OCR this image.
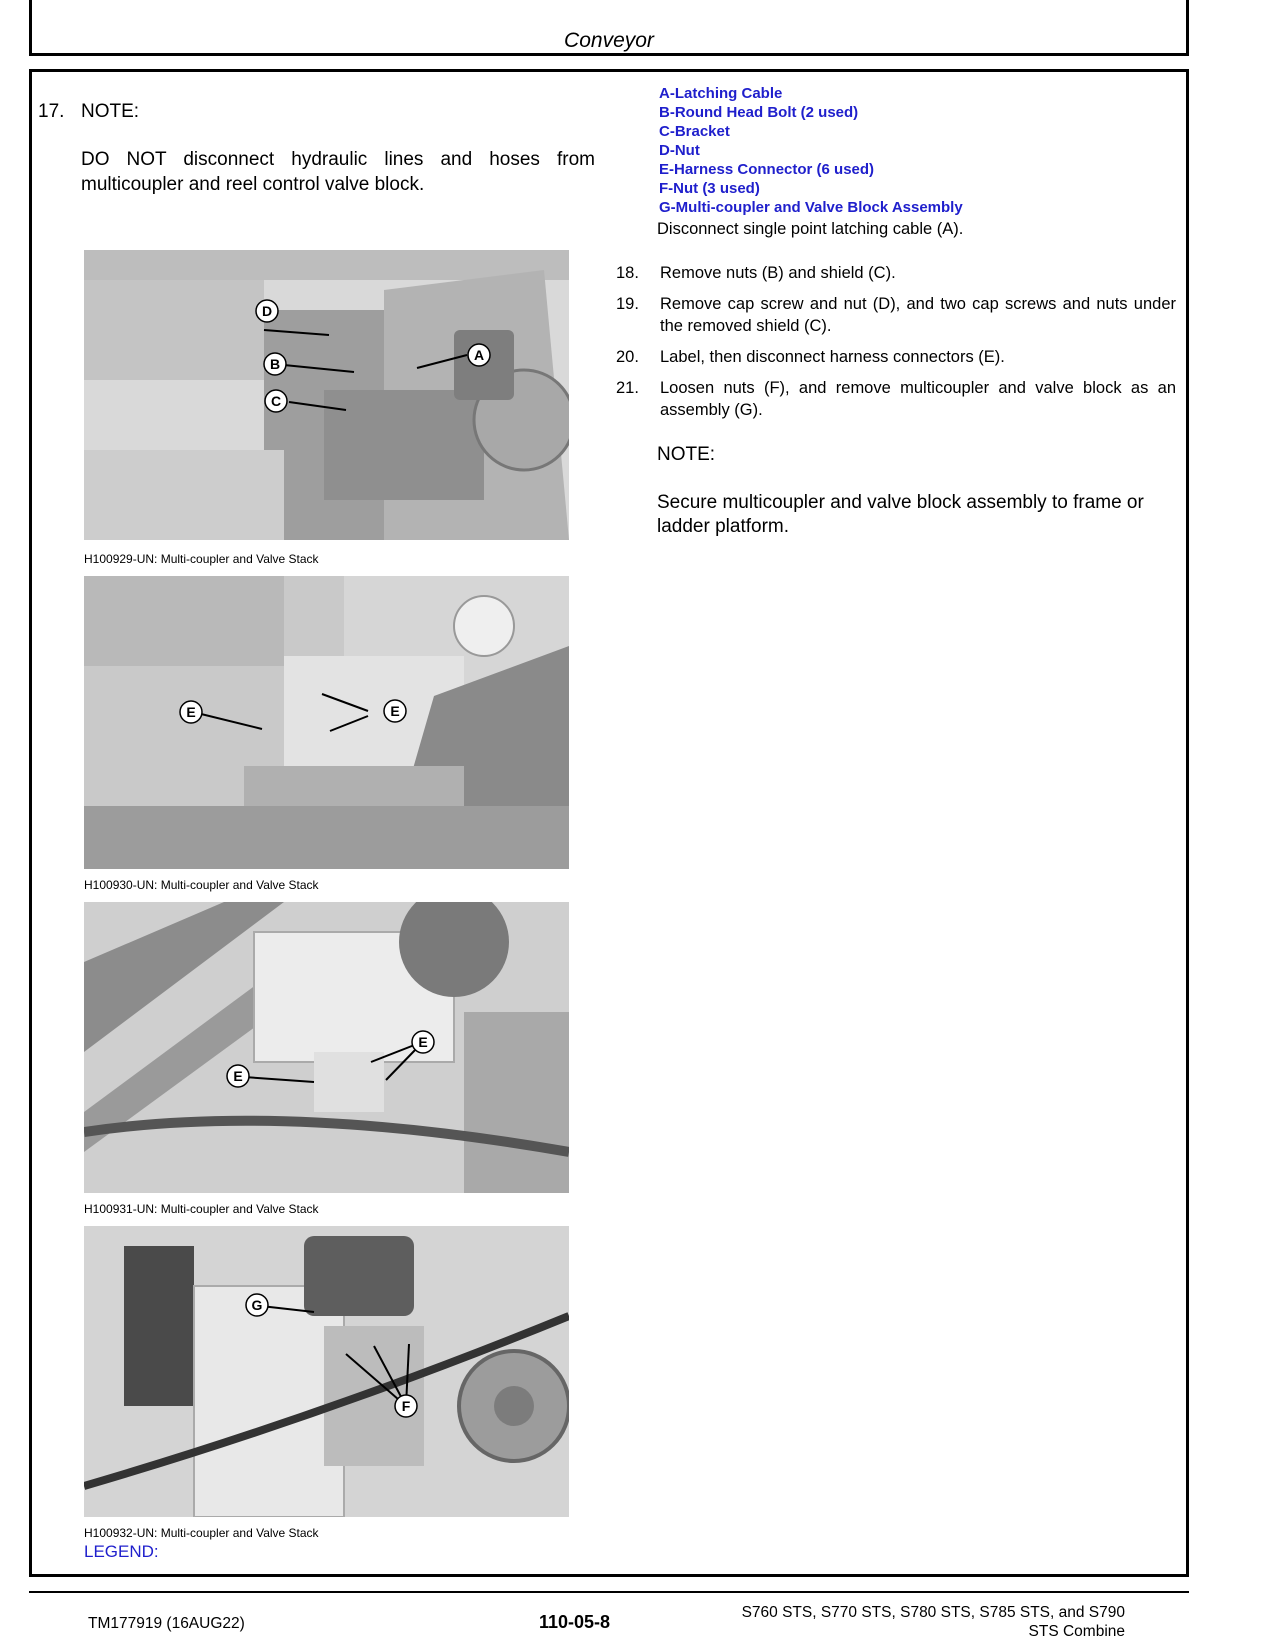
Conveyor
17. NOTE:
DO NOT disconnect hydraulic lines and hoses from multicoupler and reel control valve block.
D
B
C
A
H100929-UN: Multi-coupler and Valve Stack
E	E
H100930-UN: Multi-coupler and Valve Stack
E
E
H100931-UN: Multi-coupler and Valve Stack
G
F
H100932-UN: Multi-coupler and Valve Stack
LEGEND:
A-Latching Cable
B-Round Head Bolt (2 used)
C-Bracket
D-Nut
E-Harness Connector (6 used)
F-Nut (3 used)
G-Multi-coupler and Valve Block Assembly
Disconnect single point latching cable (A).
18. Remove nuts (B) and shield (C).
19. Remove cap screw and nut (D), and two cap screws and nuts under the removed shield (C).
20. Label, then disconnect harness connectors (E).
21. Loosen nuts (F), and remove multicoupler and valve block as an assembly (G).
NOTE:
Secure multicoupler and valve block assembly to frame or ladder platform.
TM177919 (16AUG22)	110-05-8	S760 STS, S770 STS, S780 STS, S785 STS, and S790
STS Combine
